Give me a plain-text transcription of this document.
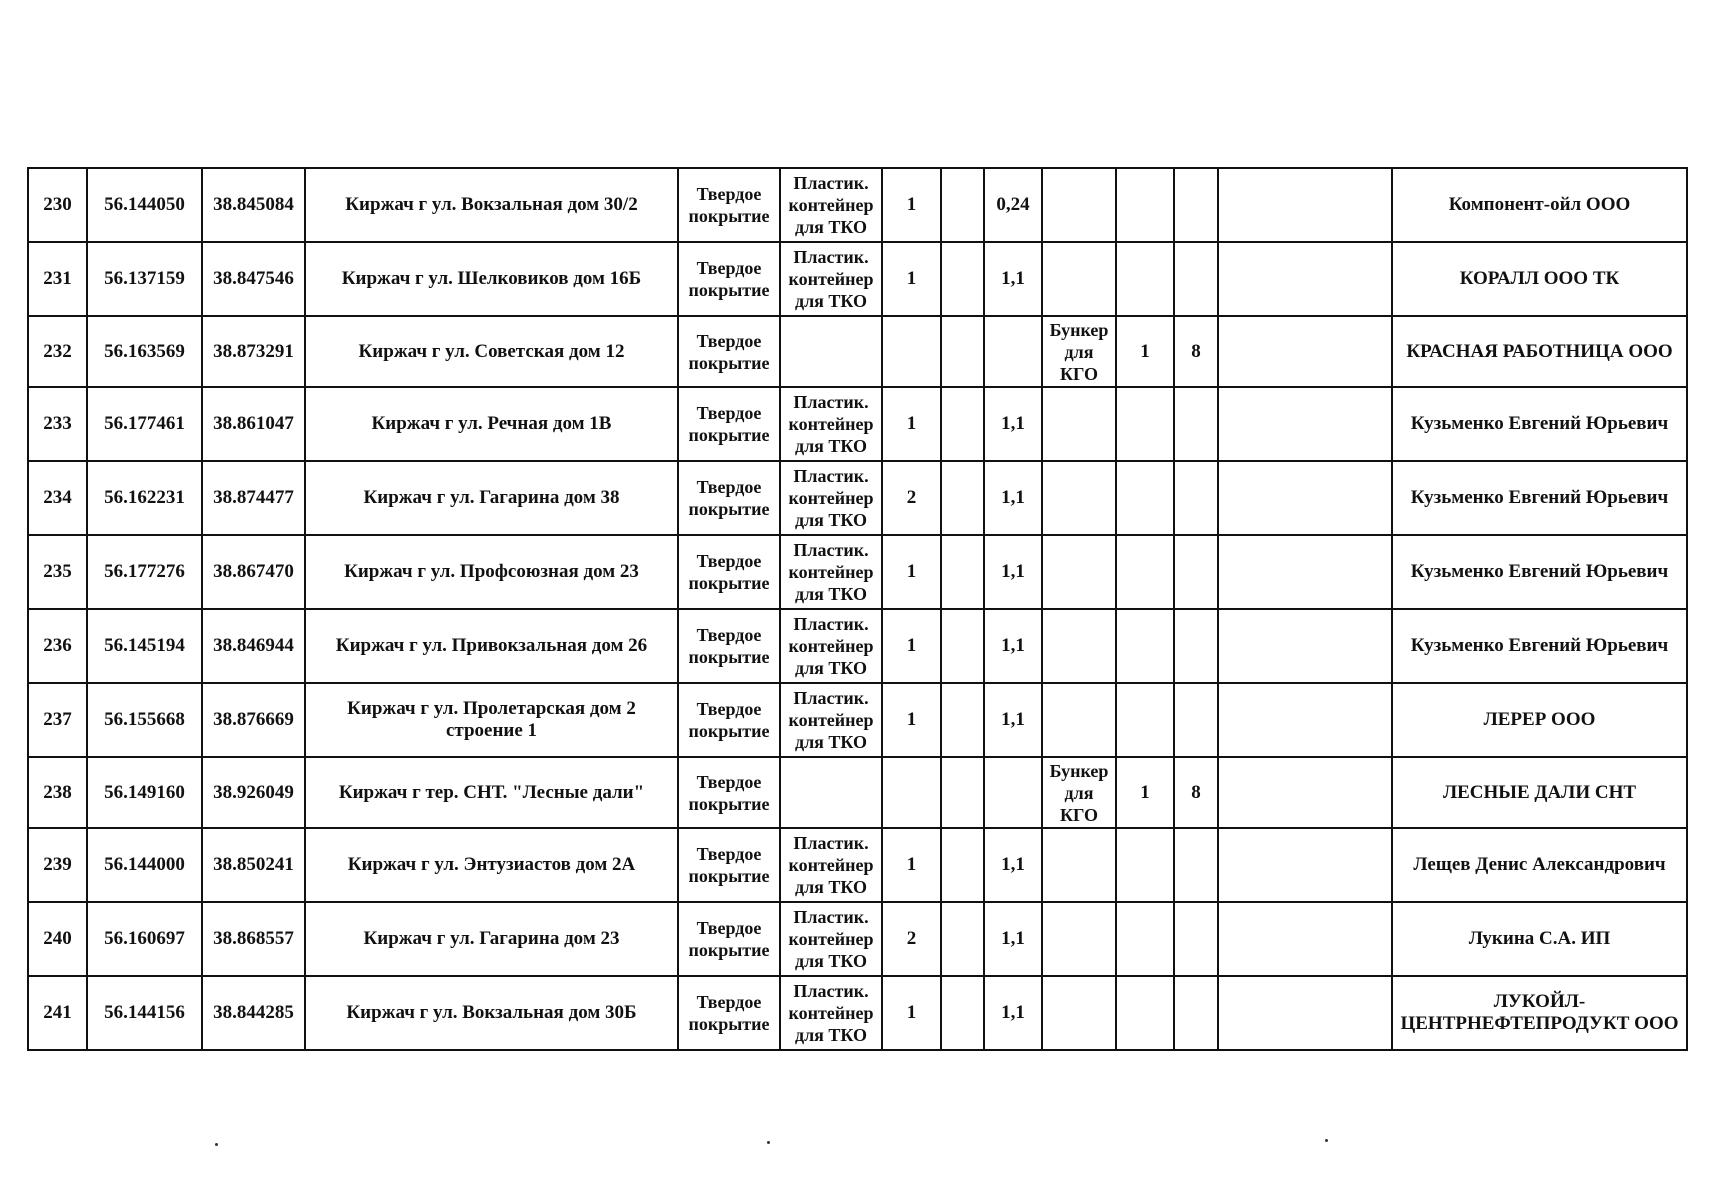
230	56.144050	38.845084	Киржач г ул. Вокзальная дом 30/2	Твердое покрытие	Пластик. контейнер для ТКО	1		0,24					Компонент-ойл ООО
231	56.137159	38.847546	Киржач г ул. Шелковиков дом 16Б	Твердое покрытие	Пластик. контейнер для ТКО	1		1,1					КОРАЛЛ ООО ТК
232	56.163569	38.873291	Киржач г ул. Советская дом 12	Твердое покрытие					Бункер для КГО	1	8		КРАСНАЯ РАБОТНИЦА ООО
233	56.177461	38.861047	Киржач г ул. Речная дом 1В	Твердое покрытие	Пластик. контейнер для ТКО	1		1,1					Кузьменко Евгений Юрьевич
234	56.162231	38.874477	Киржач г ул. Гагарина дом 38	Твердое покрытие	Пластик. контейнер для ТКО	2		1,1					Кузьменко Евгений Юрьевич
235	56.177276	38.867470	Киржач г ул. Профсоюзная дом 23	Твердое покрытие	Пластик. контейнер для ТКО	1		1,1					Кузьменко Евгений Юрьевич
236	56.145194	38.846944	Киржач г ул. Привокзальная дом 26	Твердое покрытие	Пластик. контейнер для ТКО	1		1,1					Кузьменко Евгений Юрьевич
237	56.155668	38.876669	Киржач г ул. Пролетарская дом 2 строение 1	Твердое покрытие	Пластик. контейнер для ТКО	1		1,1					ЛЕРЕР ООО
238	56.149160	38.926049	Киржач г тер. СНТ. "Лесные дали"	Твердое покрытие					Бункер для КГО	1	8		ЛЕСНЫЕ ДАЛИ СНТ
239	56.144000	38.850241	Киржач г ул. Энтузиастов дом 2А	Твердое покрытие	Пластик. контейнер для ТКО	1		1,1					Лещев Денис Александрович
240	56.160697	38.868557	Киржач г ул. Гагарина дом 23	Твердое покрытие	Пластик. контейнер для ТКО	2		1,1					Лукина С.А. ИП
241	56.144156	38.844285	Киржач г ул. Вокзальная дом 30Б	Твердое покрытие	Пластик. контейнер для ТКО	1		1,1					ЛУКОЙЛ-ЦЕНТРНЕФТЕПРОДУКТ ООО
